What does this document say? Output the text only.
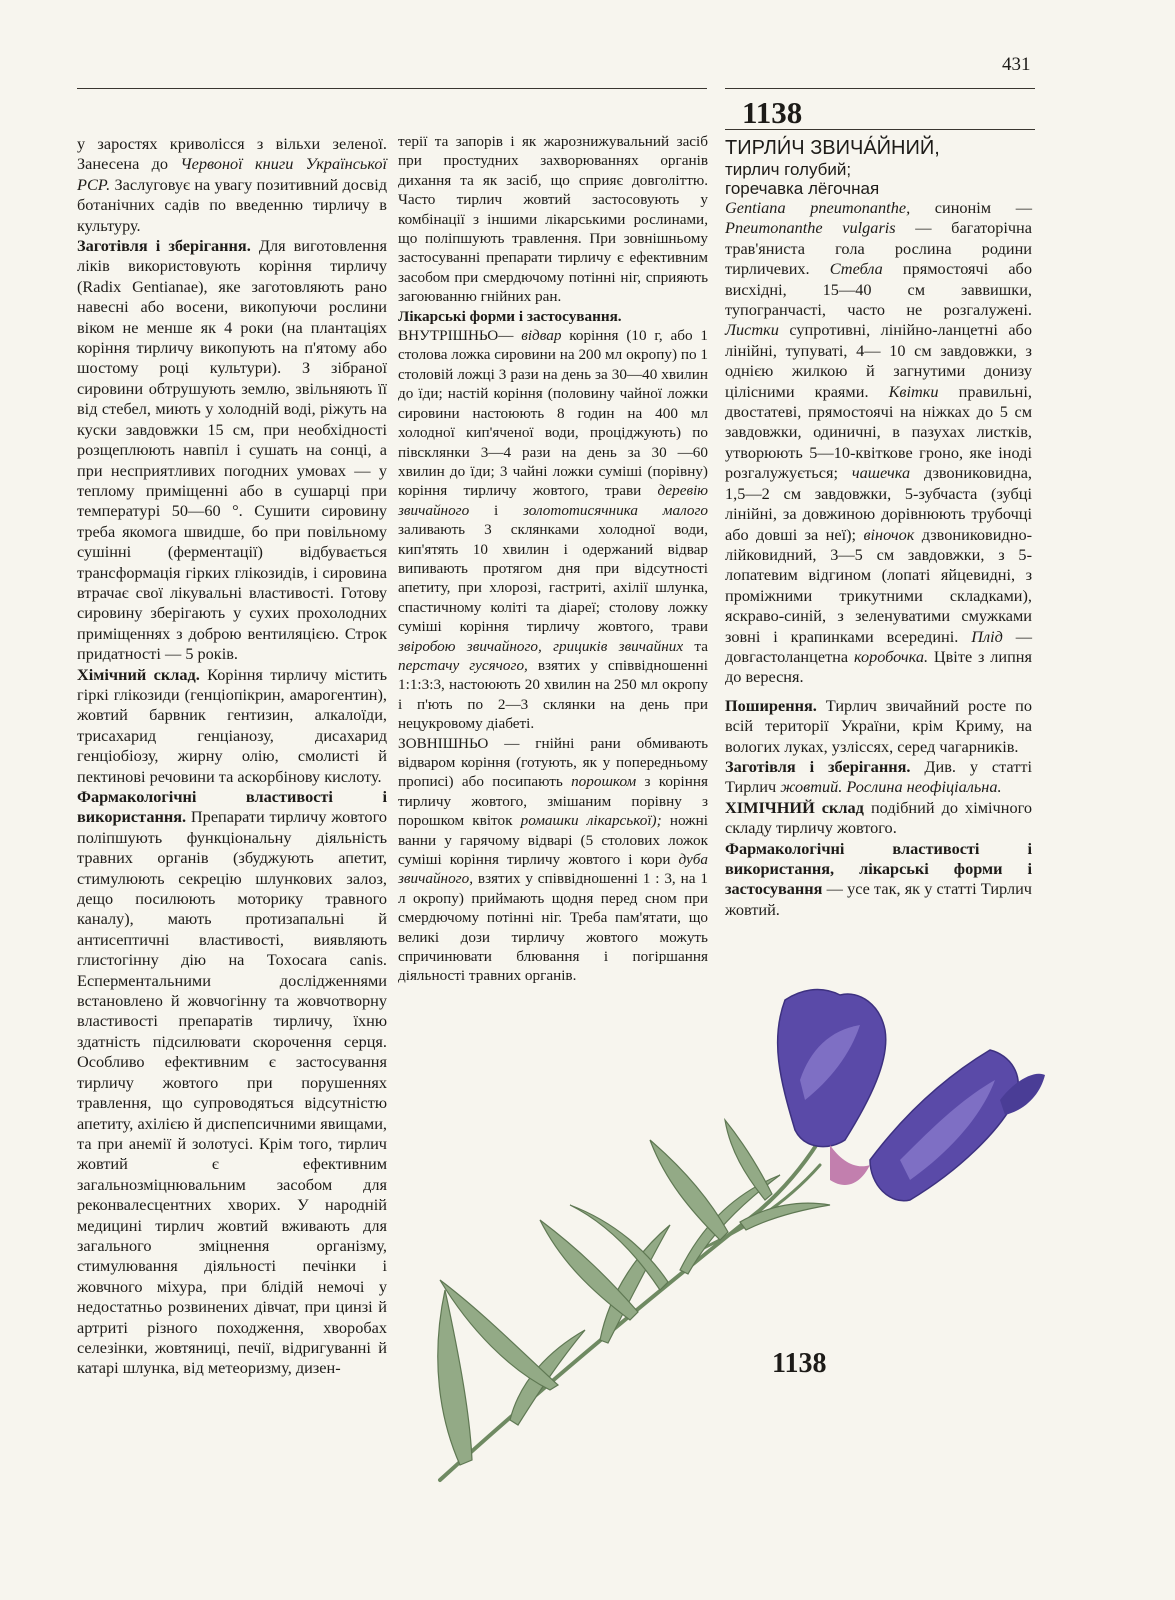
431
1138

у заростях криволісся з вільхи зеленої. Занесена до Червоної книги Української РСР. Заслуговує на увагу позитивний досвід ботанічних садів по введенню тирличу в культуру.
Заготівля і зберігання. Для виготовлення ліків використовують коріння тирличу (Radix Gentianae), яке заготовляють рано навесні або восени, викопуючи рослини віком не менше як 4 роки (на плантаціях коріння тирличу викопують на п'ятому або шостому році культури). З зібраної сировини обтрушують землю, звільняють її від стебел, миють у холодній воді, ріжуть на куски завдовжки 15 см, при необхідності розщеплюють навпіл і сушать на сонці, а при несприятливих погодних умовах — у теплому приміщенні або в сушарці при температурі 50—60 °. Сушити сировину треба якомога швидше, бо при повільному сушінні (ферментації) відбувається трансформація гірких глікозидів, і сировина втрачає свої лікувальні властивості. Готову сировину зберігають у сухих прохолодних приміщеннях з доброю вентиляцією. Строк придатності — 5 років.
Хімічний склад. Коріння тирличу містить гіркі глікозиди (генціопікрин, амарогентин), жовтий барвник гентизин, алкалоїди, трисахарид генціанозу, дисахарид генціобіозу, жирну олію, смолисті й пектинові речовини та аскорбінову кислоту.
Фармакологічні властивості і використання. Препарати тирличу жовтого поліпшують функціональну діяльність травних органів (збуджують апетит, стимулюють секрецію шлункових залоз, дещо посилюють моторику травного каналу), мають протизапальні й антисептичні властивості, виявляють глистогінну дію на Toxocara canis. Есперментальними дослідженнями встановлено й жовчогінну та жовчотворну властивості препаратів тирличу, їхню здатність підсилювати скорочення серця. Особливо ефективним є застосування тирличу жовтого при порушеннях травлення, що супроводяться відсутністю апетиту, ахілією й диспепсичними явищами, та при анемії й золотусі. Крім того, тирлич жовтий є ефективним загальнозміцнювальним засобом для реконвалесцентних хворих. У народній медицині тирлич жовтий вживають для загального зміцнення організму, стимулювання діяльності печінки і жовчного міхура, при блідій немочі у недостатньо розвинених дівчат, при цинзі й артриті різного походження, хворобах селезінки, жовтяниці, печії, відригуванні й катарі шлунка, від метеоризму, дизен-

терії та запорів і як жарознижувальний засіб при простудних захворюваннях органів дихання та як засіб, що сприяє довголіттю. Часто тирлич жовтий застосовують у комбінації з іншими лікарськими рослинами, що поліпшують травлення. При зовнішньому застосуванні препарати тирличу є ефективним засобом при смердючому потінні ніг, сприяють загоюванню гнійних ран.
Лікарські форми і застосування.
ВНУТРІШНЬО— відвар коріння (10 г, або 1 столова ложка сировини на 200 мл окропу) по 1 столовій ложці 3 рази на день за 30—40 хвилин до їди; настій коріння (половину чайної ложки сировини настоюють 8 годин на 400 мл холодної кип'яченої води, проціджують) по півсклянки 3—4 рази на день за 30 —60 хвилин до їди; 3 чайні ложки суміші (порівну) коріння тирличу жовтого, трави деревію звичайного і золототисячника малого заливають 3 склянками холодної води, кип'ятять 10 хвилин і одержаний відвар випивають протягом дня при відсутності апетиту, при хлорозі, гастриті, ахілії шлунка, спастичному коліті та діареї; столову ложку суміші коріння тирличу жовтого, трави звіробою звичайного, грициків звичайних та перстачу гусячого, взятих у співвідношенні 1:1:3:3, настоюють 20 хвилин на 250 мл окропу і п'ють по 2—3 склянки на день при нецукровому діабеті.
ЗОВНІШНЬО — гнійні рани обмивають відваром коріння (готують, як у попередньому прописі) або посипають порошком з коріння тирличу жовтого, змішаним порівну з порошком квіток ромашки лікарської); ножні ванни у гарячому відварі (5 столових ложок суміші коріння тирличу жовтого і кори дуба звичайного, взятих у співвідношенні 1 : 3, на 1 л окропу) приймають щодня перед сном при смердючому потінні ніг. Треба пам'ятати, що великі дози тирличу жовтого можуть спричинювати блювання і погіршання діяльності травних органів.

ТИРЛИ́Ч ЗВИЧА́ЙНИЙ,

тирлич голубий;

горечавка лёгочная

Gentiana pneumonanthe, синонім — Pneumonanthe vulgaris — багаторічна трав'яниста гола рослина родини тирличевих. Стебла прямостоячі або висхідні, 15—40 см заввишки, тупогранчасті, часто не розгалужені. Листки супротивні, лінійно-ланцетні або лінійні, тупуваті, 4— 10 см завдовжки, з однією жилкою й загнутими донизу цілісними краями. Квітки правильні, двостатеві, прямостоячі на ніжках до 5 см завдовжки, одиничні, в пазухах листків, утворюють 5—10-квіткове гроно, яке іноді розгалужується; чашечка дзвониковидна, 1,5—2 см завдовжки, 5-зубчаста (зубці лінійні, за довжиною дорівнюють трубочці або довші за неї); віночок дзвониковидно-лійковидний, 3—5 см завдовжки, з 5-лопатевим відгином (лопаті яйцевидні, з проміжними трикутними складками), яскраво-синій, з зеленуватими смужками зовні і крапинками всередині. Плід — довгастоланцетна коробочка. Цвіте з липня до вересня.

Поширення. Тирлич звичайний росте по всій території України, крім Криму, на вологих луках, узліссях, серед чагарників.
Заготівля і зберігання. Див. у статті Тирлич жовтий. Рослина неофіціальна.
ХІМІЧНИЙ склад подібний до хімічного складу тирличу жовтого.
Фармакологічні властивості і використання, лікарські форми і застосування — усе так, як у статті Тирлич жовтий.

1138
